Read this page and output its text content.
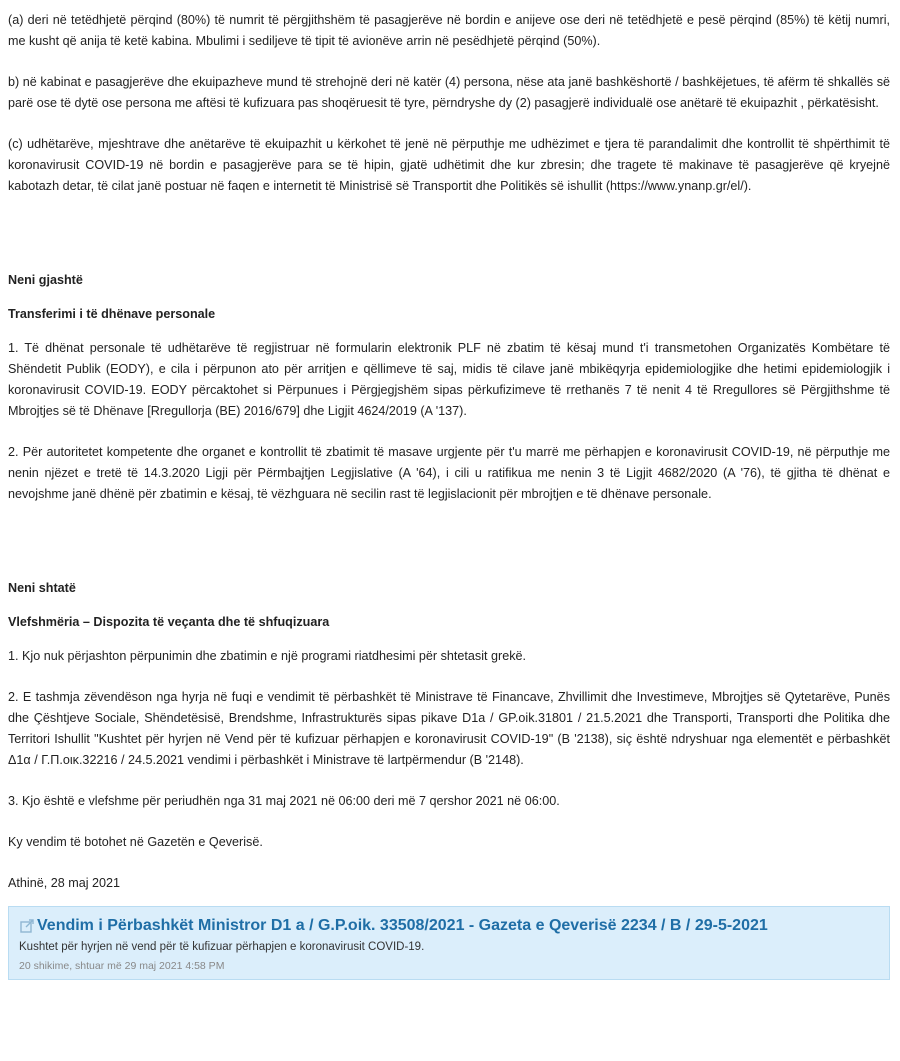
(a) deri në tetëdhjetë përqind (80%) të numrit të përgjithshëm të pasagjerëve në bordin e anijeve ose deri në tetëdhjetë e pesë përqind (85%) të këtij numri, me kusht që anija të ketë kabina. Mbulimi i sediljeve të tipit të avionëve arrin në pesëdhjetë përqind (50%).

b) në kabinat e pasagjerëve dhe ekuipazheve mund të strehojnë deri në katër (4) persona, nëse ata janë bashkëshortë / bashkëjetues, të afërm të shkallës së parë ose të dytë ose persona me aftësi të kufizuara pas shoqëruesit të tyre, përndryshe dy (2) pasagjerë individualë ose anëtarë të ekuipazhit , përkatësisht.

(c) udhëtarëve, mjeshtrave dhe anëtarëve të ekuipazhit u kërkohet të jenë në përputhje me udhëzimet e tjera të parandalimit dhe kontrollit të shpërthimit të koronavirusit COVID-19 në bordin e pasagjerëve para se të hipin, gjatë udhëtimit dhe kur zbresin; dhe tragete të makinave të pasagjerëve që kryejnë kabotazh detar, të cilat janë postuar në faqen e internetit të Ministrisë së Transportit dhe Politikës së ishullit (https://www.ynanp.gr/el/).

Neni gjashtë
Transferimi i të dhënave personale

1. Të dhënat personale të udhëtarëve të regjistruar në formularin elektronik PLF në zbatim të kësaj mund t'i transmetohen Organizatës Kombëtare të Shëndetit Publik (EODY), e cila i përpunon ato për arritjen e qëllimeve të saj, midis të cilave janë mbikëqyrja epidemiologjike dhe hetimi epidemiologjik i koronavirusit COVID-19. EODY përcaktohet si Përpunues i Përgjegjshëm sipas përkufizimeve të rrethanës 7 të nenit 4 të Rregullores së Përgjithshme të Mbrojtjes së të Dhënave [Rregullorja (BE) 2016/679] dhe Ligjit 4624/2019 (A '137).

2. Për autoritetet kompetente dhe organet e kontrollit të zbatimit të masave urgjente për t'u marrë me përhapjen e koronavirusit COVID-19, në përputhje me nenin njëzet e tretë të 14.3.2020 Ligji për Përmbajtjen Legjislative (A '64), i cili u ratifikua me nenin 3 të Ligjit 4682/2020 (A '76), të gjitha të dhënat e nevojshme janë dhënë për zbatimin e kësaj, të vëzhguara në secilin rast të legjislacionit për mbrojtjen e të dhënave personale.

Neni shtatë
Vlefshmëria – Dispozita të veçanta dhe të shfuqizuara

1. Kjo nuk përjashton përpunimin dhe zbatimin e një programi riatdhesimi për shtetasit grekë.

2. E tashmja zëvendëson nga hyrja në fuqi e vendimit të përbashkët të Ministrave të Financave, Zhvillimit dhe Investimeve, Mbrojtjes së Qytetarëve, Punës dhe Çështjeve Sociale, Shëndetësisë, Brendshme, Infrastrukturës sipas pikave D1a / GP.oik.31801 / 21.5.2021 dhe Transporti, Transporti dhe Politika dhe Territori Ishullit "Kushtet për hyrjen në Vend për të kufizuar përhapjen e koronavirusit COVID-19" (B '2138), siç është ndryshuar nga elementët e përbashkët Δ1α / Γ.Π.οικ.32216 / 24.5.2021 vendimi i përbashkët i Ministrave të lartpërmendur (B '2148).

3. Kjo është e vlefshme për periudhën nga 31 maj 2021 në 06:00 deri më 7 qershor 2021 në 06:00.

Ky vendim të botohet në Gazetën e Qeverisë.

Athinë, 28 maj 2021

Vendim i Përbashkët Ministror D1 a / G.P.oik. 33508/2021 - Gazeta e Qeverisë 2234 / B / 29-5-2021
Kushtet për hyrjen në vend për të kufizuar përhapjen e koronavirusit COVID-19.
20 shikime, shtuar më 29 maj 2021 4:58 PM
